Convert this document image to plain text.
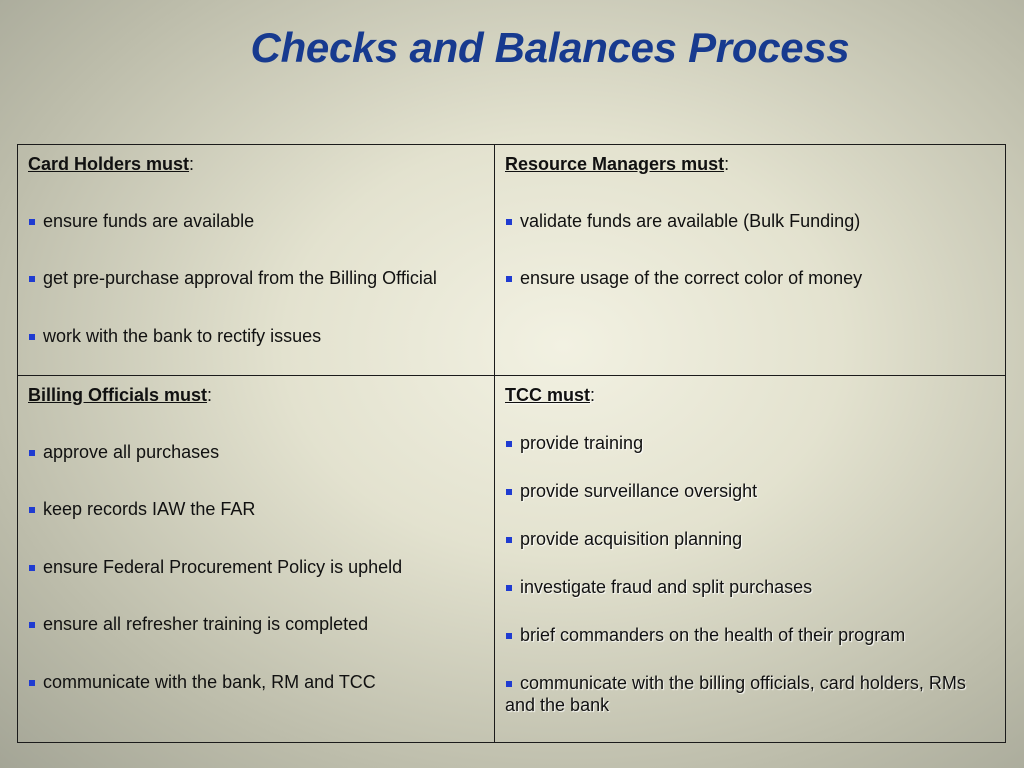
Checks and Balances Process
Card Holders must:
ensure funds are available
get pre-purchase approval from the Billing Official
work with the bank to rectify issues
Resource Managers must:
validate funds are available (Bulk Funding)
ensure usage of the correct color of money
Billing Officials must:
approve all purchases
keep records IAW the FAR
ensure Federal Procurement Policy is upheld
ensure all refresher training is completed
communicate with the bank, RM and TCC
TCC must:
provide training
provide surveillance oversight
provide acquisition planning
investigate fraud and split purchases
brief commanders on the health of their program
communicate with the billing officials, card holders, RMs and the bank
